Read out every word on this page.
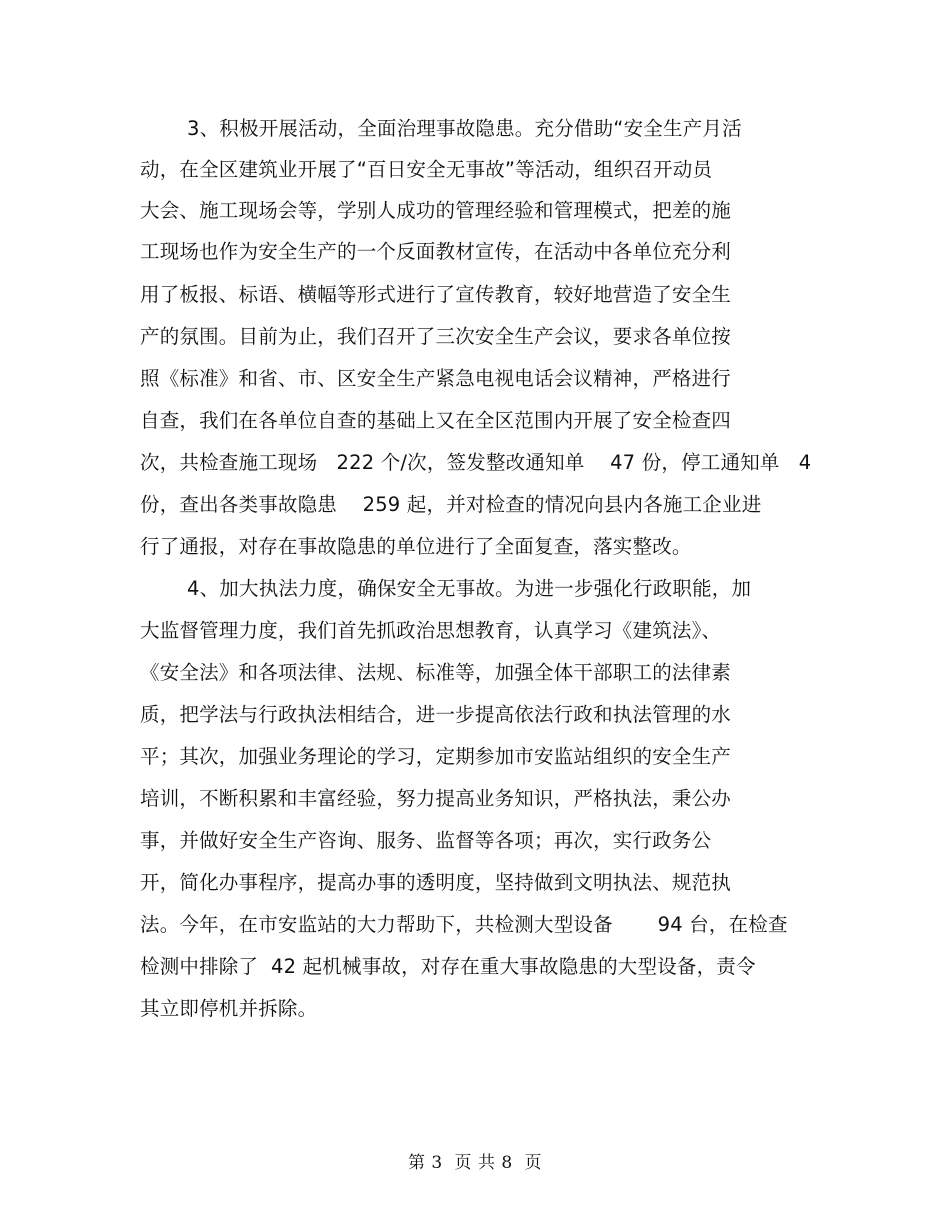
3、积极开展活动，全面治理事故隐患。充分借助“安全生产月活
动，在全区建筑业开展了“百日安全无事故”等活动，组织召开动员
大会、施工现场会等，学别人成功的管理经验和管理模式，把差的施
工现场也作为安全生产的一个反面教材宣传，在活动中各单位充分利
用了板报、标语、横幅等形式进行了宣传教育，较好地营造了安全生
产的氛围。目前为止，我们召开了三次安全生产会议，要求各单位按
照《标准》和省、市、区安全生产紧急电视电话会议精神，严格进行
自查，我们在各单位自查的基础上又在全区范围内开展了安全检查四
次，共检查施工现场   222 个/次，签发整改通知单    47 份，停工通知单   4
份，查出各类事故隐患    259 起，并对检查的情况向县内各施工企业进
行了通报，对存在事故隐患的单位进行了全面复查，落实整改。
4、加大执法力度，确保安全无事故。为进一步强化行政职能，加
大监督管理力度，我们首先抓政治思想教育，认真学习《建筑法》、
《安全法》和各项法律、法规、标准等，加强全体干部职工的法律素
质，把学法与行政执法相结合，进一步提高依法行政和执法管理的水
平；其次，加强业务理论的学习，定期参加市安监站组织的安全生产
培训，不断积累和丰富经验，努力提高业务知识，严格执法，秉公办
事，并做好安全生产咨询、服务、监督等各项；再次，实行政务公
开，简化办事程序，提高办事的透明度，坚持做到文明执法、规范执
法。今年，在市安监站的大力帮助下，共检测大型设备       94 台，在检查
检测中排除了  42 起机械事故，对存在重大事故隐患的大型设备，责令
其立即停机并拆除。
第 3  页 共 8  页
